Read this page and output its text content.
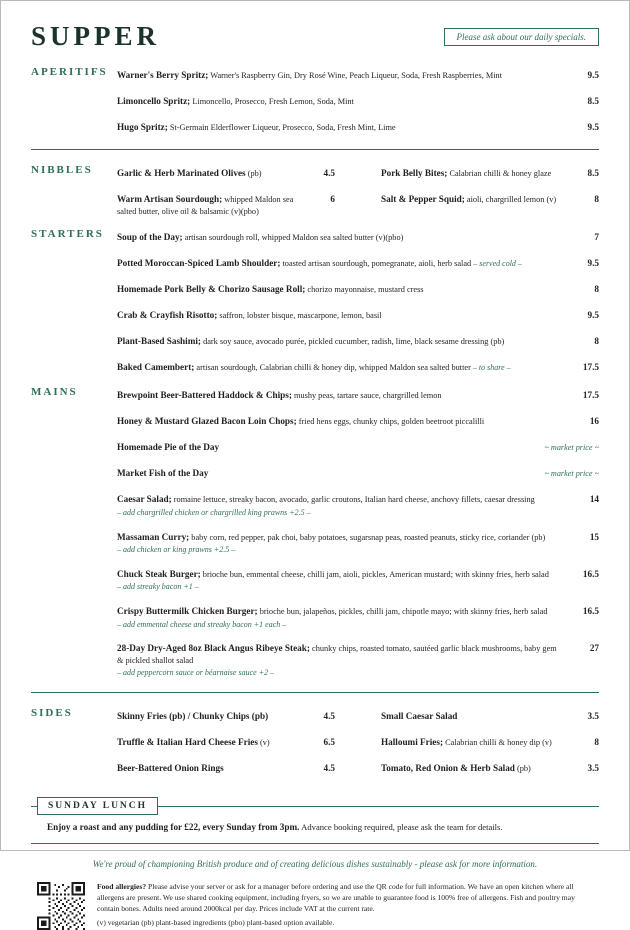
SUPPER	Please ask about our daily specials.
APERITIFS	Warner's Berry Spritz; Warner's Raspberry Gin, Dry Rosé Wine, Peach Liqueur, Soda, Fresh Raspberries, Mint	9.5
Limoncello Spritz; Limoncello, Prosecco, Fresh Lemon, Soda, Mint	8.5
Hugo Spritz; St-Germain Elderflower Liqueur, Prosecco, Soda, Fresh Mint, Lime	9.5
NIBBLES	Garlic & Herb Marinated Olives (pb)	4.5
Warm Artisan Sourdough; whipped Maldon sea salted butter, olive oil & balsamic (v)(pbo)
6
Pork Belly Bites; Calabrian chilli & honey glaze	8.5
Salt & Pepper Squid; aioli, chargrilled lemon (v)	8
STARTERS	Soup of the Day; artisan sourdough roll, whipped Maldon sea salted butter (v)(pbo)	7
Potted Moroccan-Spiced Lamb Shoulder; toasted artisan sourdough, pomegranate, aioli, herb salad – served cold –	9.5
Homemade Pork Belly & Chorizo Sausage Roll; chorizo mayonnaise, mustard cress	8
Crab & Crayfish Risotto; saffron, lobster bisque, mascarpone, lemon, basil	9.5
Plant-Based Sashimi; dark soy sauce, avocado purée, pickled cucumber, radish, lime, black sesame dressing (pb)	8
Baked Camembert; artisan sourdough, Calabrian chilli & honey dip, whipped Maldon sea salted butter – to share –	17.5
MAINS	Brewpoint Beer-Battered Haddock & Chips; mushy peas, tartare sauce, chargrilled lemon	17.5
Honey & Mustard Glazed Bacon Loin Chops; fried hens eggs, chunky chips, golden beetroot piccalilli	16
Homemade Pie of the Day	~ market price ~
Market Fish of the Day	~ market price ~
Caesar Salad; romaine lettuce, streaky bacon, avocado, garlic croutons, Italian hard cheese, anchovy fillets, caesar dressing
– add chargrilled chicken or chargrilled king prawns +2.5 –
14
Massaman Curry; baby corn, red pepper, pak choi, baby potatoes, sugarsnap peas, roasted peanuts, sticky rice, coriander (pb)
– add chicken or king prawns +2.5 –
15
Chuck Steak Burger; brioche bun, emmental cheese, chilli jam, aioli, pickles, American mustard; with skinny fries, herb salad
– add streaky bacon +1 –
16.5
Crispy Buttermilk Chicken Burger; brioche bun, jalapeños, pickles, chilli jam, chipotle mayo; with skinny fries, herb salad
– add emmental cheese and streaky bacon +1 each –
16.5
28-Day Dry-Aged 8oz Black Angus Ribeye Steak; chunky chips, roasted tomato, sautéed garlic black mushrooms, baby gem & pickled shallot salad
– add peppercorn sauce or béarnaise sauce +2 –
27
SIDES	Skinny Fries (pb) / Chunky Chips (pb)	4.5
Truffle & Italian Hard Cheese Fries (v)	6.5
Beer-Battered Onion Rings	4.5
Small Caesar Salad	3.5
Halloumi Fries; Calabrian chilli & honey dip (v)	8
Tomato, Red Onion & Herb Salad (pb)	3.5
SUNDAY LUNCH
Enjoy a roast and any pudding for £22, every Sunday from 3pm. Advance booking required, please ask the team for details.
We're proud of championing British produce and of creating delicious dishes sustainably - please ask for more information.
Food allergies? Please advise your server or ask for a manager before ordering and use the QR code for full information. We have an open kitchen where all allergens are present. We use shared cooking equipment, including fryers, so we are unable to guarantee food is 100% free of allergens. Fish and poultry may contain bones. Adults need around 2000kcal per day. Prices include VAT at the current rate.
(v) vegetarian (pb) plant-based ingredients (pbo) plant-based option available.
